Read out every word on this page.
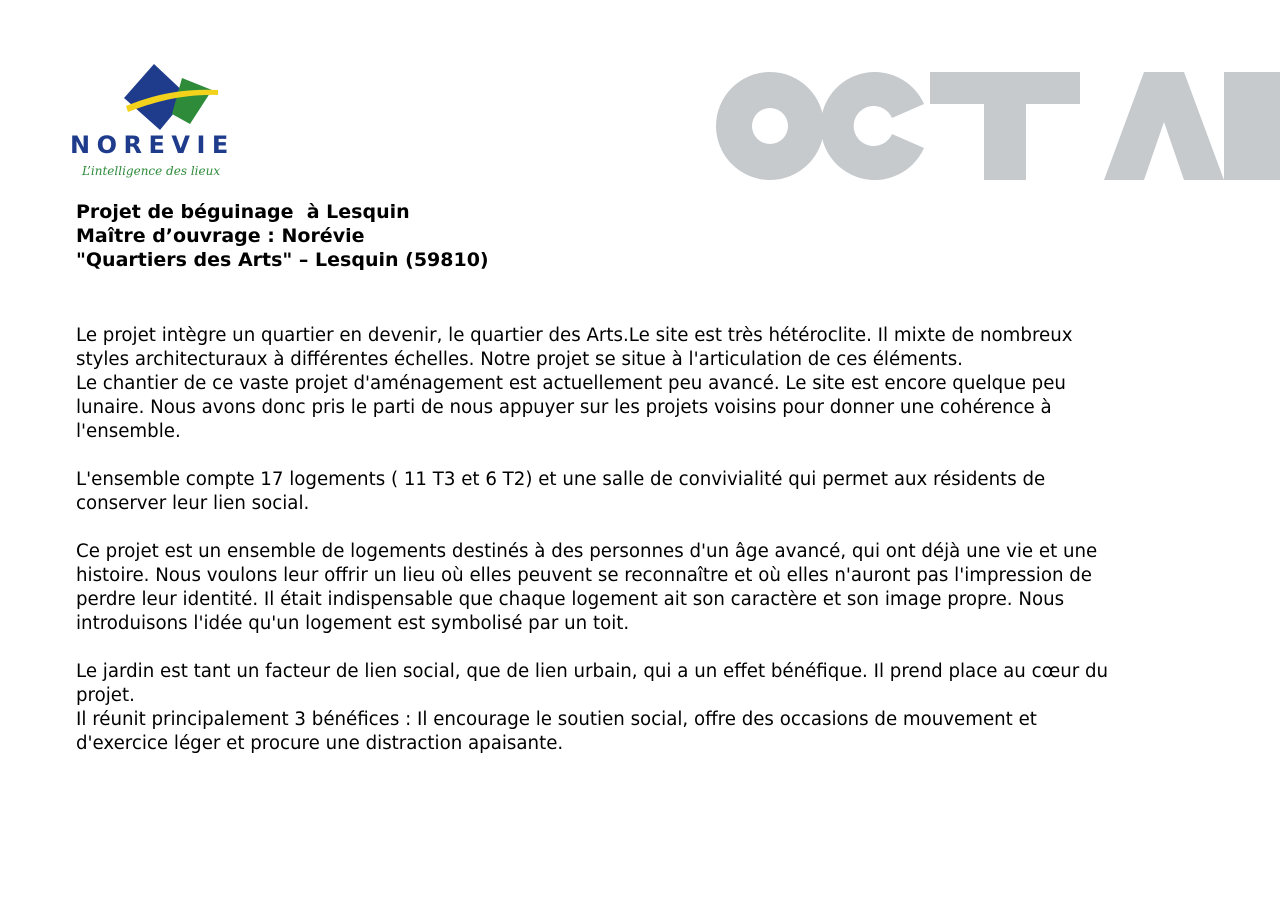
NOREVIE
L’intelligence des lieux
Projet de béguinage  à Lesquin
Maître d’ouvrage : Norévie
"Quartiers des Arts" – Lesquin (59810)

Le projet intègre un quartier en devenir, le quartier des Arts.Le site est très hétéroclite. Il mixte de nombreux
styles architecturaux à différentes échelles. Notre projet se situe à l'articulation de ces éléments.
Le chantier de ce vaste projet d'aménagement est actuellement peu avancé. Le site est encore quelque peu
lunaire. Nous avons donc pris le parti de nous appuyer sur les projets voisins pour donner une cohérence à
l'ensemble.

L'ensemble compte 17 logements ( 11 T3 et 6 T2) et une salle de convivialité qui permet aux résidents de
conserver leur lien social.

Ce projet est un ensemble de logements destinés à des personnes d'un âge avancé, qui ont déjà une vie et une
histoire. Nous voulons leur offrir un lieu où elles peuvent se reconnaître et où elles n'auront pas l'impression de
perdre leur identité. Il était indispensable que chaque logement ait son caractère et son image propre. Nous
introduisons l'idée qu'un logement est symbolisé par un toit.

Le jardin est tant un facteur de lien social, que de lien urbain, qui a un effet bénéfique. Il prend place au cœur du
projet.
Il réunit principalement 3 bénéfices : Il encourage le soutien social, offre des occasions de mouvement et
d'exercice léger et procure une distraction apaisante.
